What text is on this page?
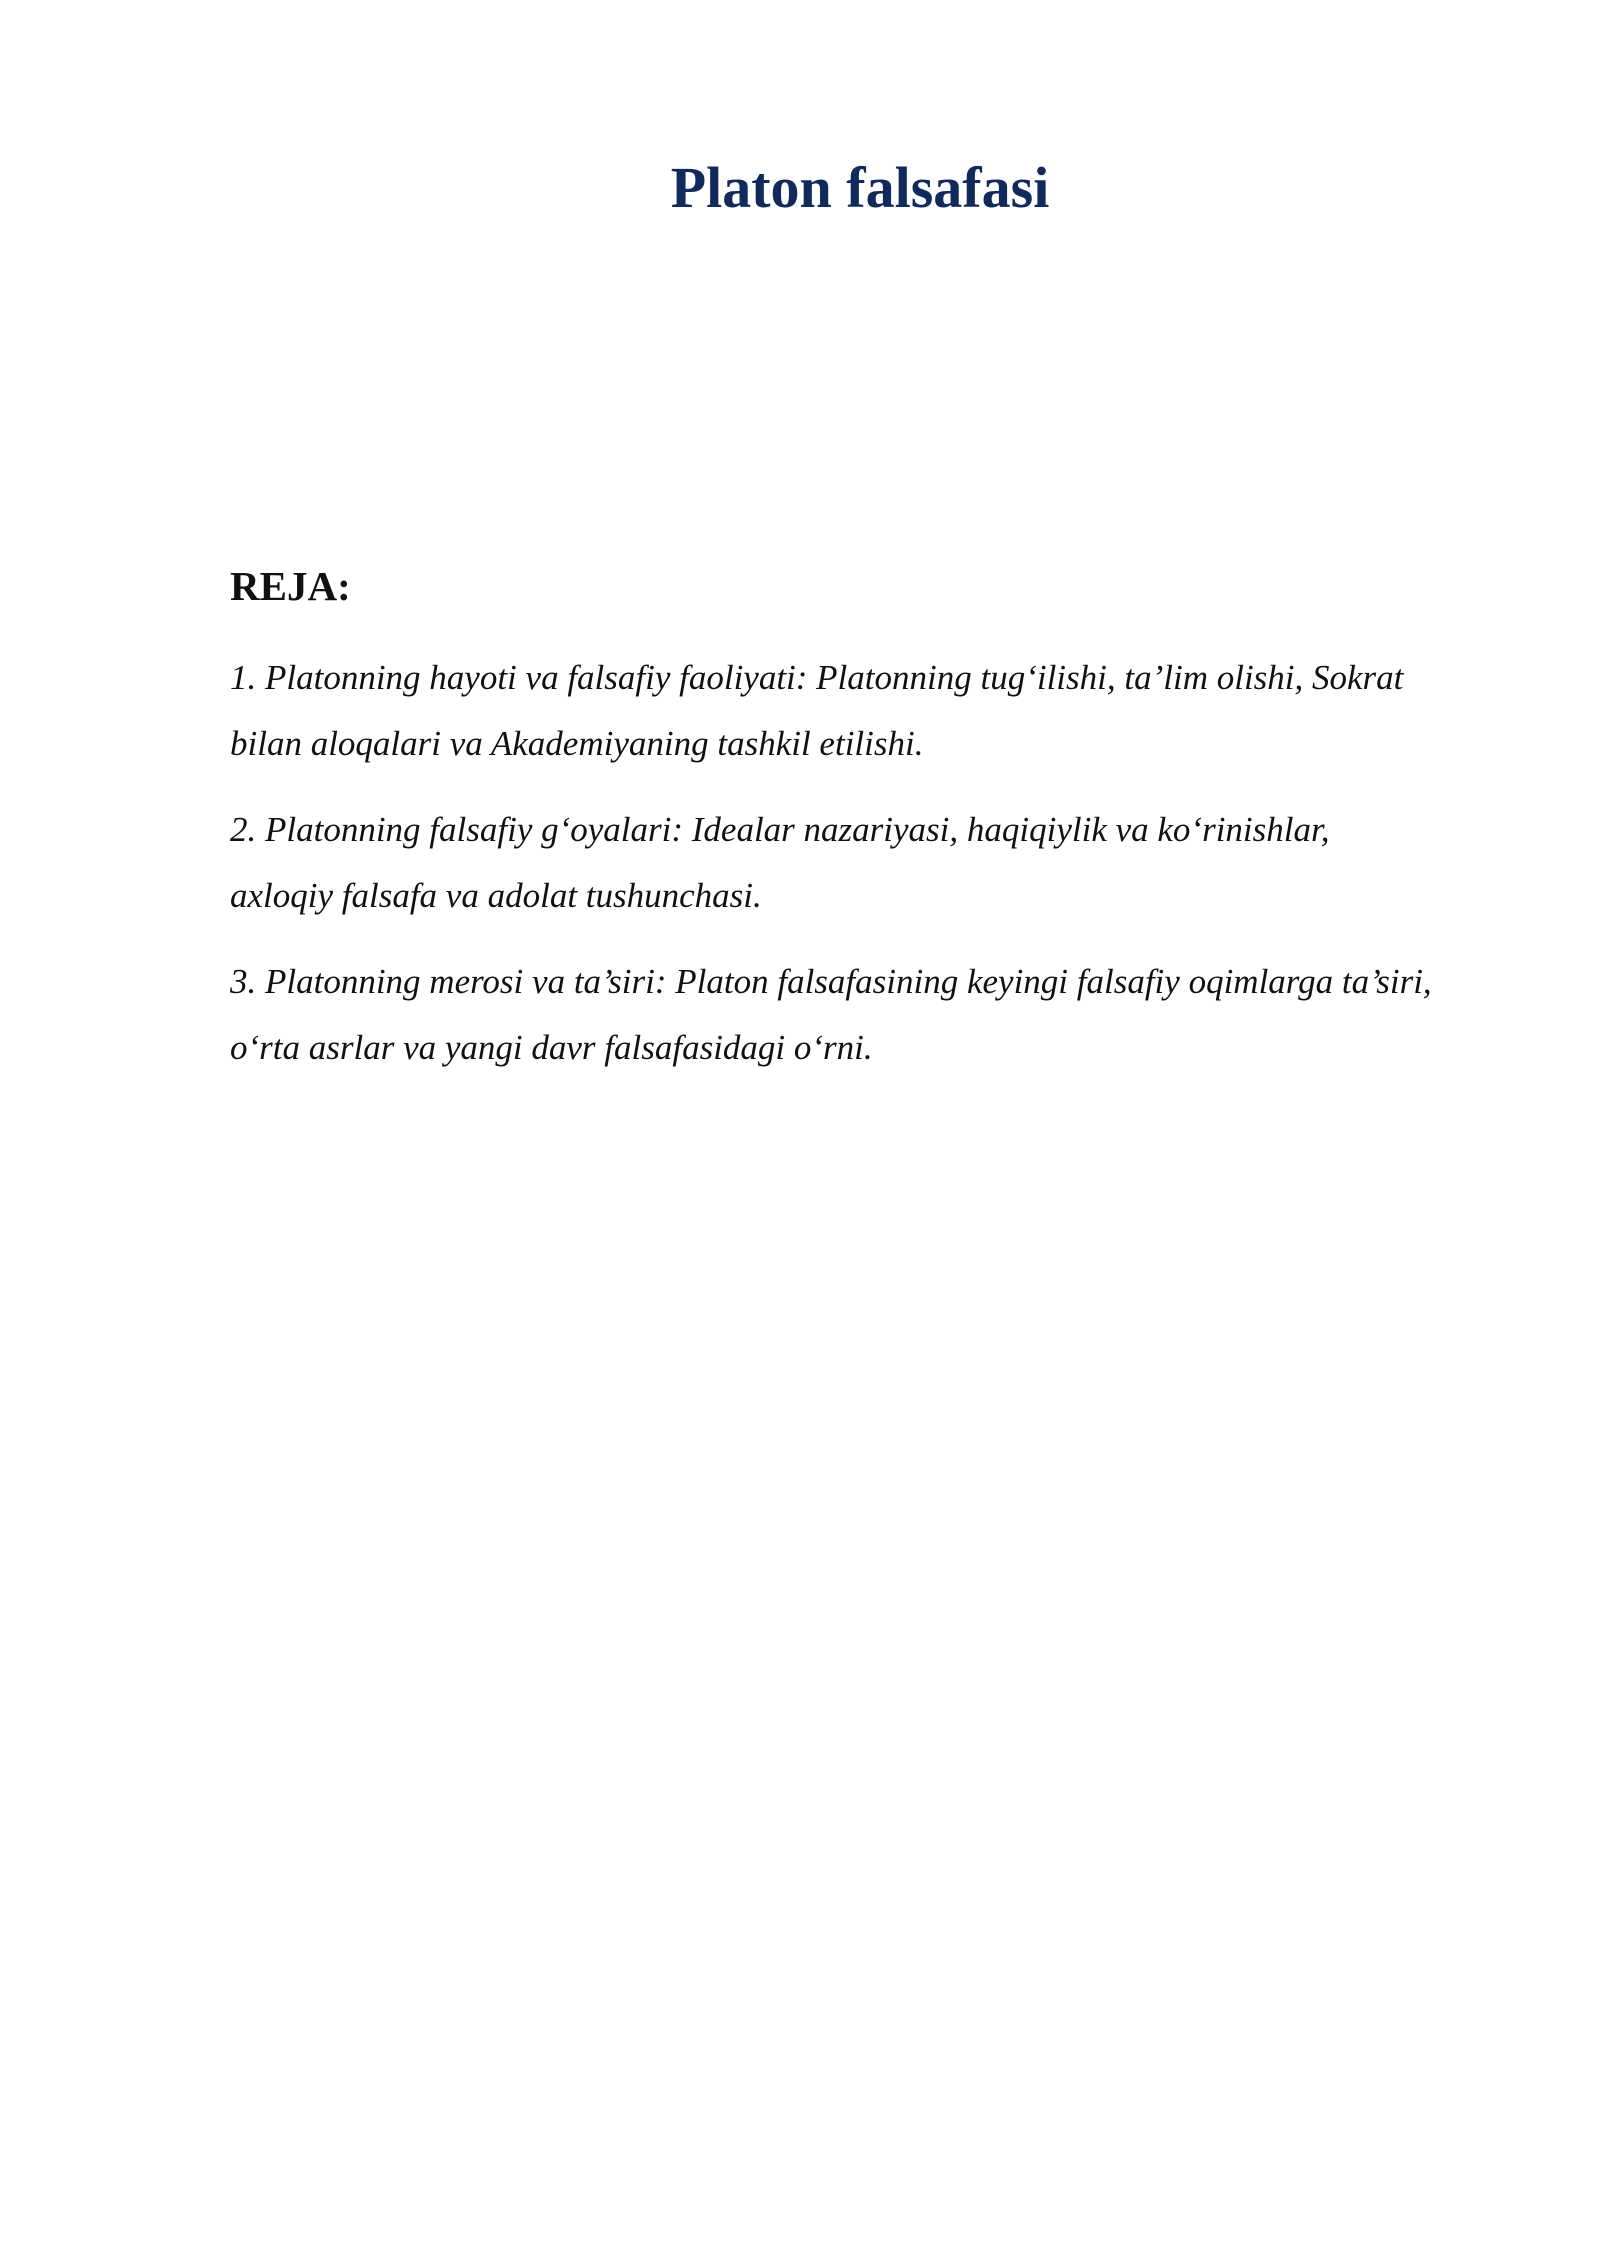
Platon falsafasi
REJA:
1. Platonning hayoti va falsafiy faoliyati: Platonning tug‘ilishi, ta’lim olishi, Sokrat bilan aloqalari va Akademiyaning tashkil etilishi.
2. Platonning falsafiy g‘oyalari: Idealar nazariyasi, haqiqiylik va ko‘rinishlar, axloqiy falsafa va adolat tushunchasi.
3. Platonning merosi va ta’siri: Platon falsafasining keyingi falsafiy oqimlarga ta’siri, o‘rta asrlar va yangi davr falsafasidagi o‘rni.
